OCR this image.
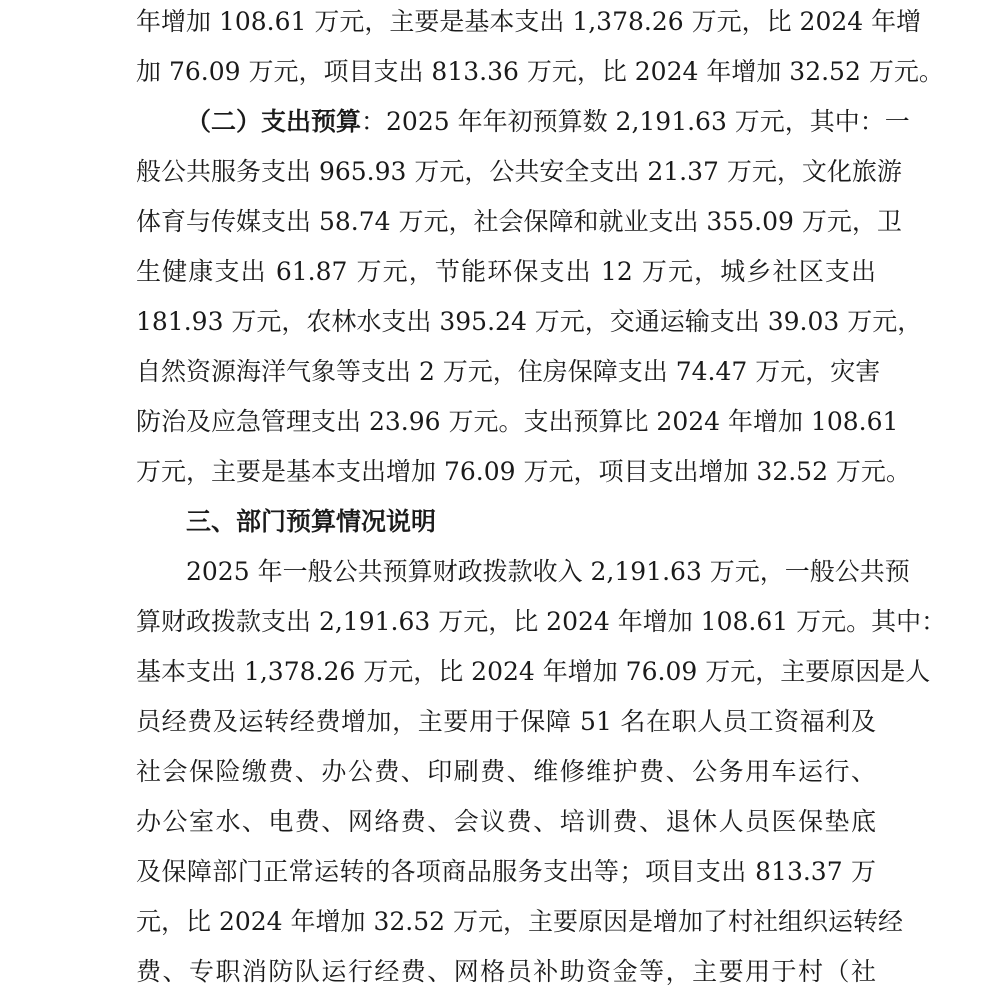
年增加 108.61 万元，主要是基本支出 1,378.26 万元，比 2024 年增
加 76.09 万元，项目支出 813.36 万元，比 2024 年增加 32.52 万元。
（二）支出预算：2025 年年初预算数 2,191.63 万元，其中：一
般公共服务支出 965.93 万元，公共安全支出 21.37 万元，文化旅游
体育与传媒支出 58.74 万元，社会保障和就业支出 355.09 万元，卫
生健康支出 61.87 万元，节能环保支出 12 万元，城乡社区支出
181.93 万元，农林水支出 395.24 万元，交通运输支出 39.03 万元，
自然资源海洋气象等支出 2 万元，住房保障支出 74.47 万元，灾害
防治及应急管理支出 23.96 万元。支出预算比 2024 年增加 108.61
万元，主要是基本支出增加 76.09 万元，项目支出增加 32.52 万元。
三、部门预算情况说明
2025 年一般公共预算财政拨款收入 2,191.63 万元，一般公共预
算财政拨款支出 2,191.63 万元，比 2024 年增加 108.61 万元。其中：
基本支出 1,378.26 万元，比 2024 年增加 76.09 万元，主要原因是人
员经费及运转经费增加，主要用于保障 51 名在职人员工资福利及
社会保险缴费、办公费、印刷费、维修维护费、公务用车运行、
办公室水、电费、网络费、会议费、培训费、退休人员医保垫底
及保障部门正常运转的各项商品服务支出等；项目支出 813.37 万
元，比 2024 年增加 32.52 万元，主要原因是增加了村社组织运转经
费、专职消防队运行经费、网格员补助资金等，主要用于村（社
